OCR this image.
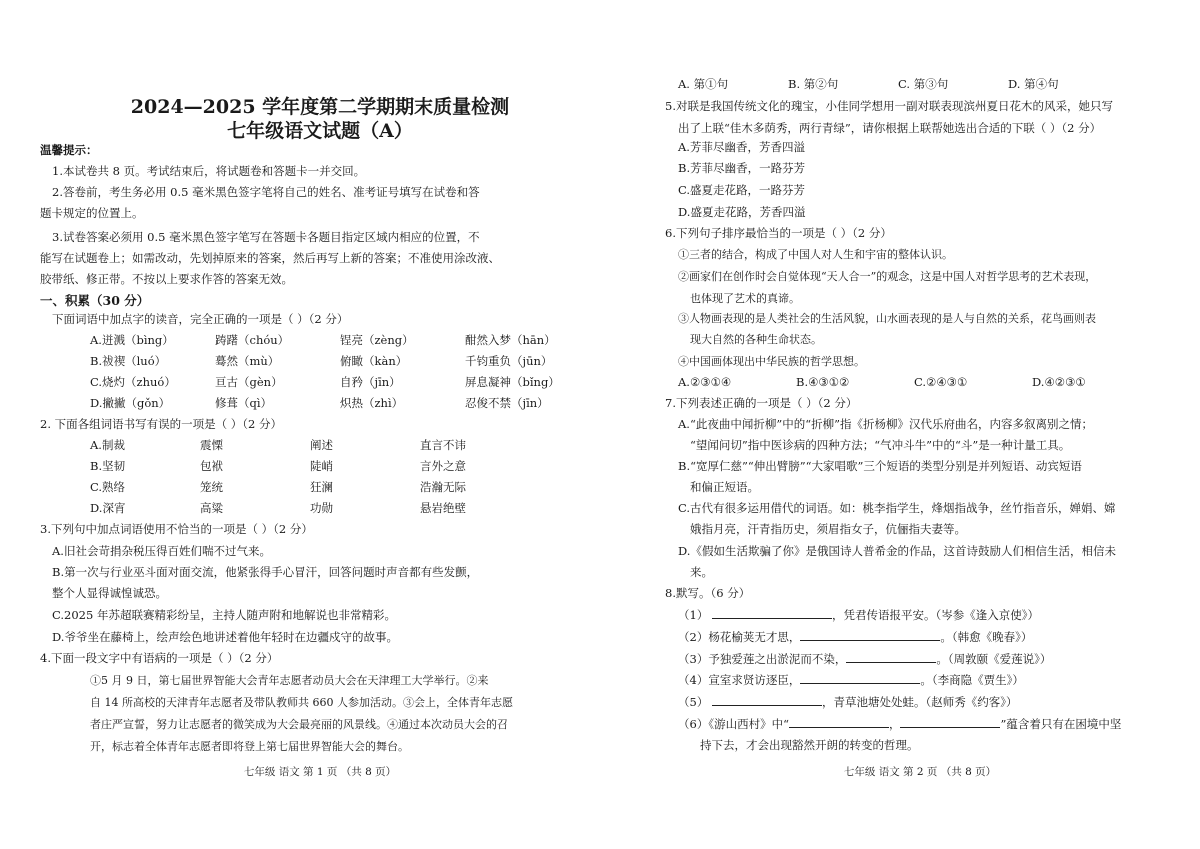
2024—2025 学年度第二学期期末质量检测
七年级语文试题（A）
温馨提示：
1.本试卷共 8 页。考试结束后，将试题卷和答题卡一并交回。
2.答卷前，考生务必用 0.5 毫米黑色签字笔将自己的姓名、准考证号填写在试卷和答
题卡规定的位置上。
3.试卷答案必须用 0.5 毫米黑色签字笔写在答题卡各题目指定区域内相应的位置，不
能写在试题卷上；如需改动，先划掉原来的答案，然后再写上新的答案；不准使用涂改液、
胶带纸、修正带。不按以上要求作答的答案无效。
一、积累（30 分）
下面词语中加点字的读音，完全正确的一项是（ ）（2 分）
A.迸溅（bìng）	踌躇（chóu）	锃亮（zèng）	酣然入梦（hān）
B.祓禊（luó）	蓦然（mù）	俯瞰（kàn）	千钧重负（jūn）
C.烧灼（zhuó）	亘古（gèn）	自矜（jīn）	屏息凝神（bǐng）
D.撇撇（gǒn）	修葺（qì）	炽热（zhì）	忍俊不禁（jīn）
2. 下面各组词语书写有误的一项是（ ）（2 分）
A.制裁	震慄	阐述	直言不讳
B.坚韧	包袱	陡峭	言外之意
C.熟络	笼统	狂澜	浩瀚无际
D.深宵	高粱	功勋	悬岩绝壁
3.下列句中加点词语使用不恰当的一项是（ ）（2 分）
A.旧社会苛捐杂税压得百姓们喘不过气来。
B.第一次与行业巫斗面对面交流，他紧张得手心冒汗，回答问题时声音都有些发颤，
整个人显得诚惶诚恐。
C.2025 年苏超联赛精彩纷呈，主持人随声附和地解说也非常精彩。
D.爷爷坐在藤椅上，绘声绘色地讲述着他年轻时在边疆戍守的故事。
4.下面一段文字中有语病的一项是（ ）（2 分）
①5 月 9 日，第七届世界智能大会青年志愿者动员大会在天津理工大学举行。②来
自 14 所高校的天津青年志愿者及带队教师共 660 人参加活动。③会上，全体青年志愿
者庄严宣誓，努力让志愿者的微笑成为大会最亮丽的风景线。④通过本次动员大会的召
开，标志着全体青年志愿者即将登上第七届世界智能大会的舞台。
七年级 语文 第 1 页 （共 8 页）
A. 第①句	B. 第②句	C. 第③句	D. 第④句
5.对联是我国传统文化的瑰宝，小佳同学想用一副对联表现滨州夏日花木的风采，她只写
出了上联“佳木多荫秀，两行青绿”，请你根据上联帮她选出合适的下联（ ）（2 分）
A.芳菲尽幽香，芳香四溢
B.芳菲尽幽香，一路芬芳
C.盛夏走花路，一路芬芳
D.盛夏走花路，芳香四溢
6.下列句子排序最恰当的一项是（ ）（2 分）
①三者的结合，构成了中国人对人生和宇宙的整体认识。
②画家们在创作时会自觉体现“天人合一”的观念，这是中国人对哲学思考的艺术表现，
也体现了艺术的真谛。
③人物画表现的是人类社会的生活风貌，山水画表现的是人与自然的关系，花鸟画则表
现大自然的各种生命状态。
④中国画体现出中华民族的哲学思想。
A.②③①④	B.④③①②	C.②④③①	D.④②③①
7.下列表述正确的一项是（ ）（2 分）
A.“此夜曲中闻折柳”中的“折柳”指《折杨柳》汉代乐府曲名，内容多叙离别之情；
“望闻问切”指中医诊病的四种方法；“气冲斗牛”中的“斗”是一种计量工具。
B.“宽厚仁慈”“伸出臂膀”“大家唱歌”三个短语的类型分别是并列短语、动宾短语
和偏正短语。
C.古代有很多运用借代的词语。如：桃李指学生，烽烟指战争，丝竹指音乐，婵娟、嫦
娥指月亮，汗青指历史，须眉指女子，伉俪指夫妻等。
D.《假如生活欺骗了你》是俄国诗人普希金的作品，这首诗鼓励人们相信生活，相信未
来。
8.默写。（6 分）
（1）	，凭君传语报平安。（岑参《逢入京使》）
（2）杨花榆荚无才思，	。（韩愈《晚春》）
（3）予独爱莲之出淤泥而不染，	。（周敦颐《爱莲说》）
（4）宣室求贤访逐臣，	。（李商隐《贾生》）
（5）	，青草池塘处处蛙。（赵师秀《约客》）
（6）《游山西村》中“	，	”蕴含着只有在困境中坚
持下去，才会出现豁然开朗的转变的哲理。
七年级 语文 第 2 页 （共 8 页）
